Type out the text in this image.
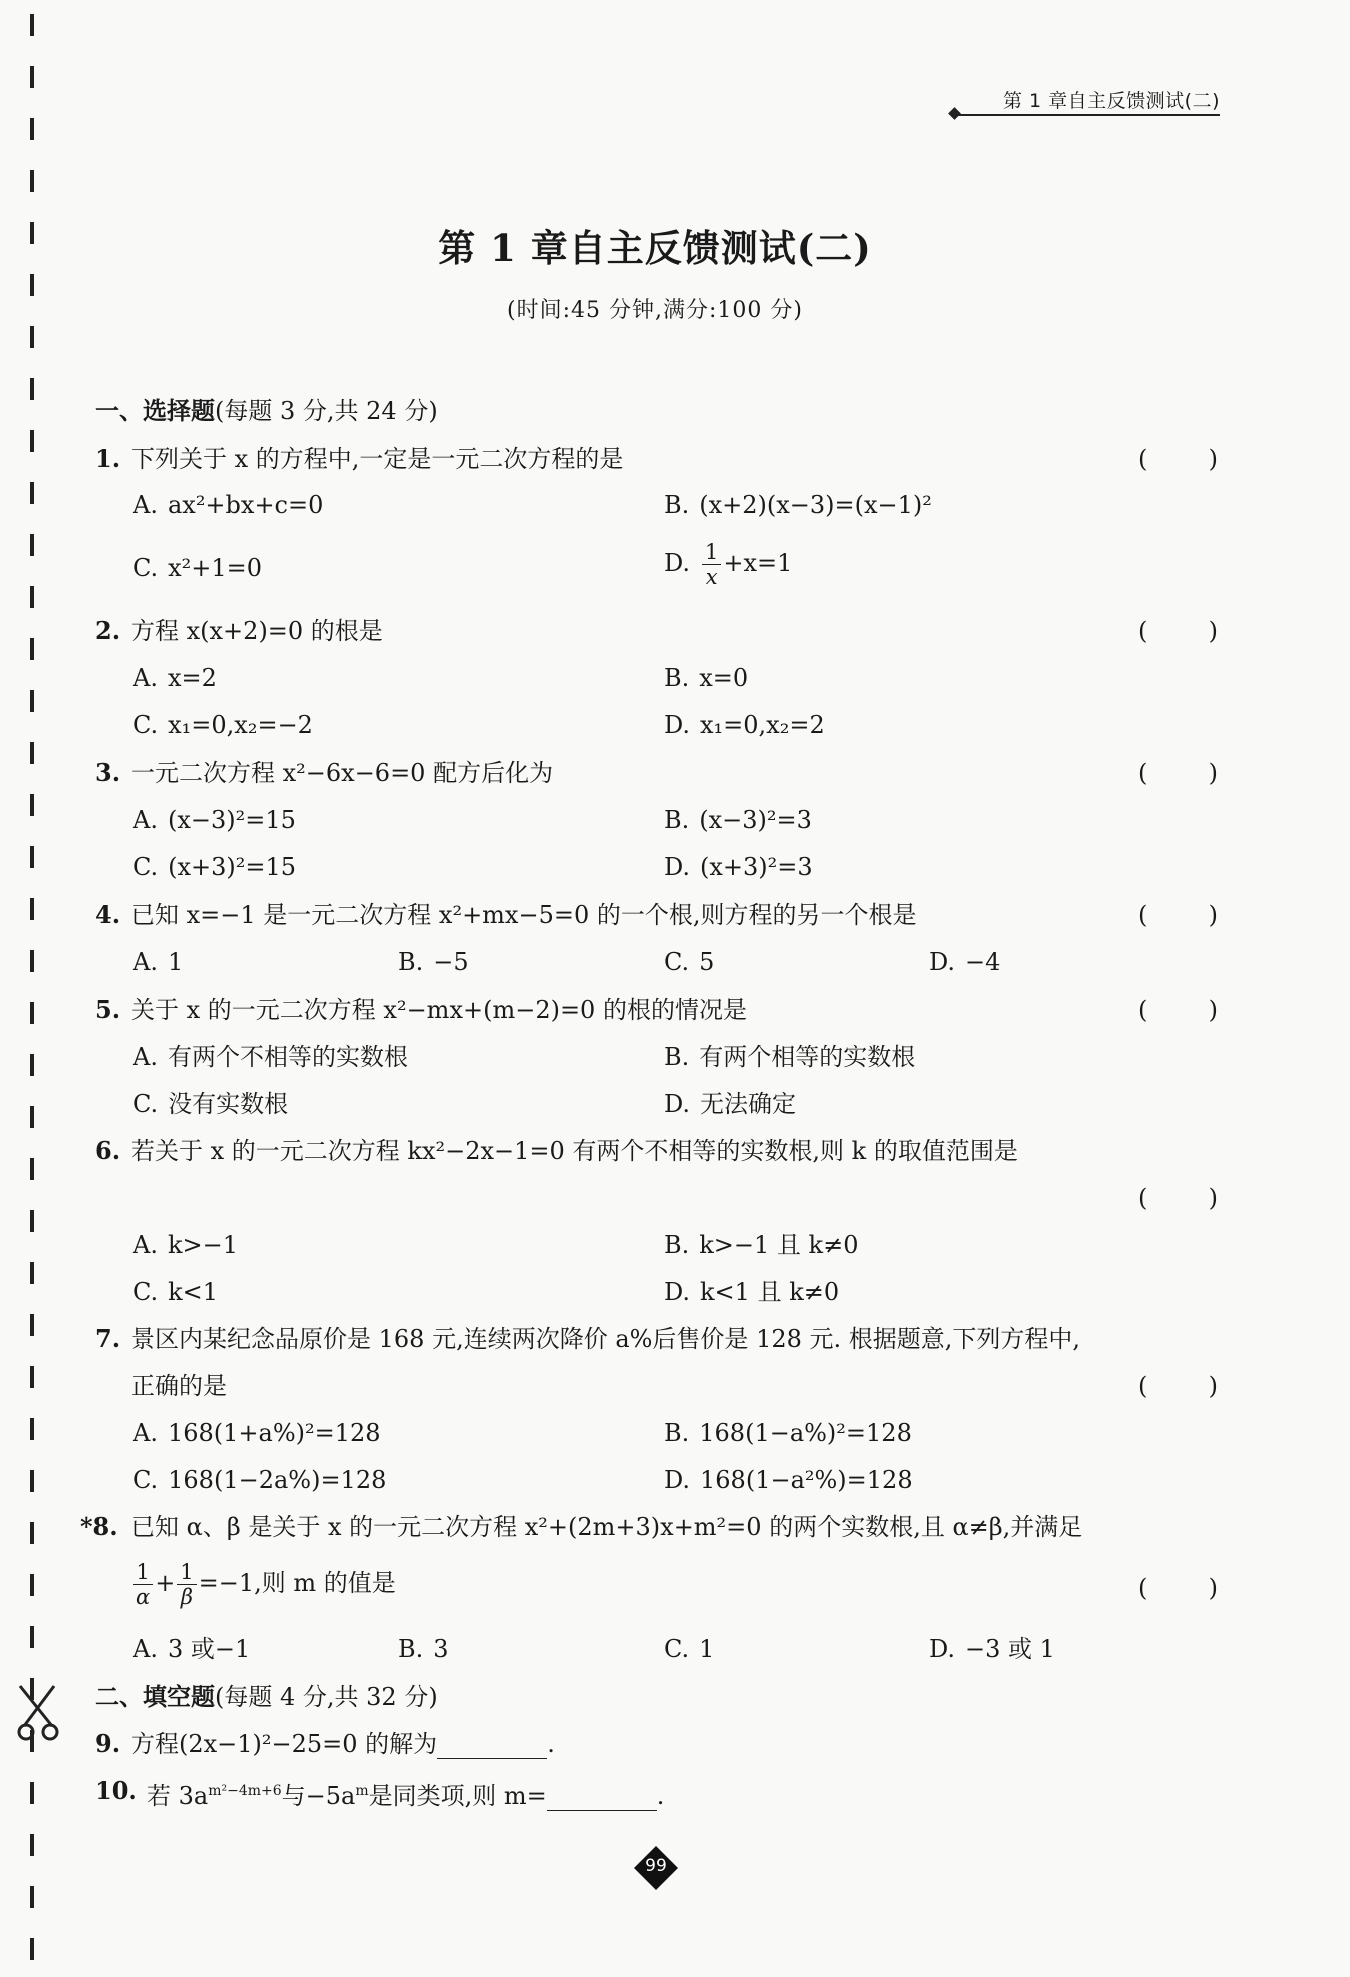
第 1 章自主反馈测试(二)
第 1 章自主反馈测试(二)
(时间:45 分钟,满分:100 分)
一、选择题(每题 3 分,共 24 分)
1. 下列关于 x 的方程中,一定是一元二次方程的是	(	)
A. ax²+bx+c=0	B. (x+2)(x−3)=(x−1)²
C. x²+1=0	D. $\frac{1}{x} +x=1$
2. 方程 x(x+2)=0 的根是	(	)
A. x=2	B. x=0
C. x₁=0,x₂=−2	D. x₁=0,x₂=2
3. 一元二次方程 x²−6x−6=0 配方后化为	(	)
A. (x−3)²=15	B. (x−3)²=3
C. (x+3)²=15	D. (x+3)²=3
4. 已知 x=−1 是一元二次方程 x²+mx−5=0 的一个根,则方程的另一个根是	(	)
A. 1	B. −5	C. 5	D. −4
5. 关于 x 的一元二次方程 x²−mx+(m−2)=0 的根的情况是	(	)
A. 有两个不相等的实数根	B. 有两个相等的实数根
C. 没有实数根	D. 无法确定
6. 若关于 x 的一元二次方程 kx²−2x−1=0 有两个不相等的实数根,则 k 的取值范围是
(	)
A. k>−1	B. k>−1 且 k≠0
C. k<1	D. k<1 且 k≠0
7. 景区内某纪念品原价是 168 元,连续两次降价 a%后售价是 128 元. 根据题意,下列方程中,
正确的是	(	)
A. 168(1+a%)²=128	B. 168(1−a%)²=128
C. 168(1−2a%)=128	D. 168(1−a²%)=128
*8. 已知 α、β 是关于 x 的一元二次方程 x²+(2m+3)x+m²=0 的两个实数根,且 α≠β,并满足
$\frac{1}{\alpha} + \frac{1}{\beta} =-1$,则 m 的值是	(	)
A. 3 或−1	B. 3	C. 1	D. −3 或 1
二、填空题(每题 4 分,共 32 分)
9. 方程(2x−1)²−25=0 的解为	.
10. 若 $3a^{m^2-4m+6}$与$-5a^m$是同类项,则 m=	.
99
